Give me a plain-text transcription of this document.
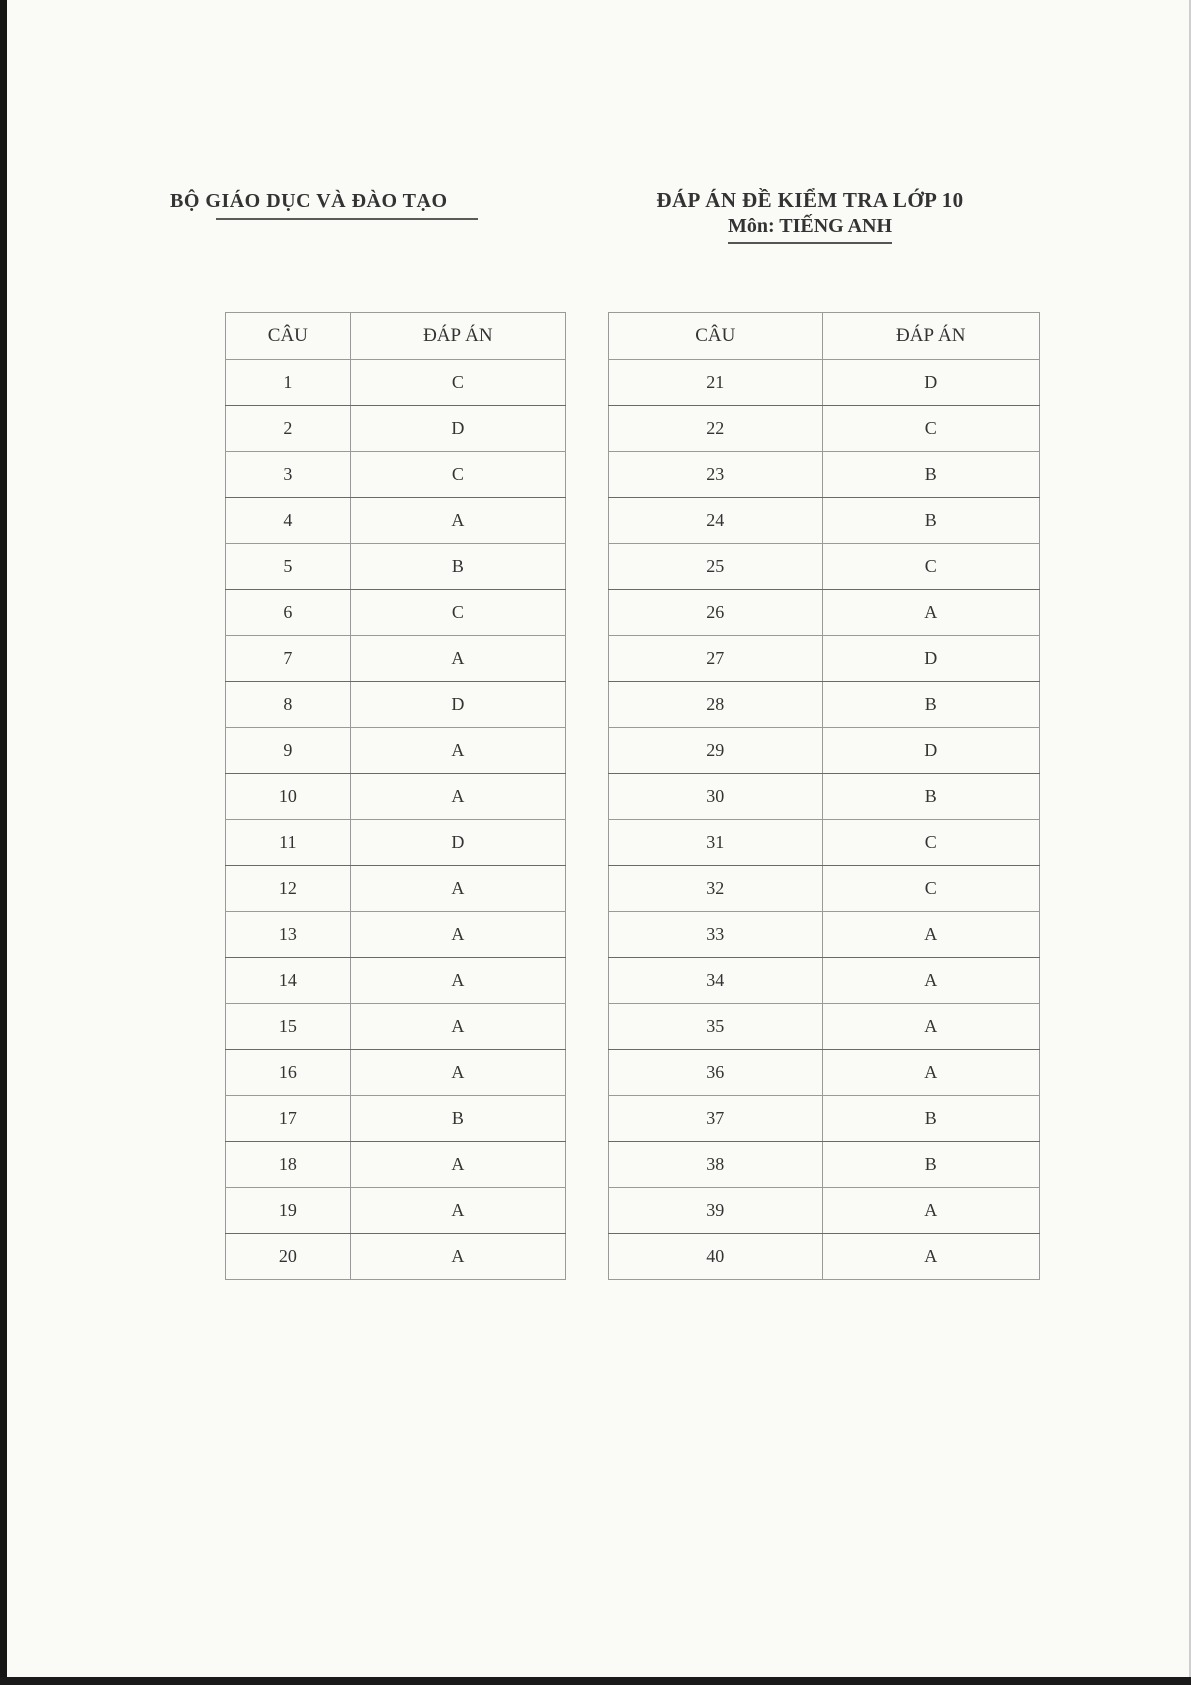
BỘ GIÁO DỤC VÀ ĐÀO TẠO	ĐÁP ÁN ĐỀ KIỂM TRA LỚP 10
Môn: TIẾNG ANH
CÂU	ĐÁP ÁN
1	C
2	D
3	C
4	A
5	B
6	C
7	A
8	D
9	A
10	A
11	D
12	A
13	A
14	A
15	A
16	A
17	B
18	A
19	A
20	A
CÂU	ĐÁP ÁN
21	D
22	C
23	B
24	B
25	C
26	A
27	D
28	B
29	D
30	B
31	C
32	C
33	A
34	A
35	A
36	A
37	B
38	B
39	A
40	A
